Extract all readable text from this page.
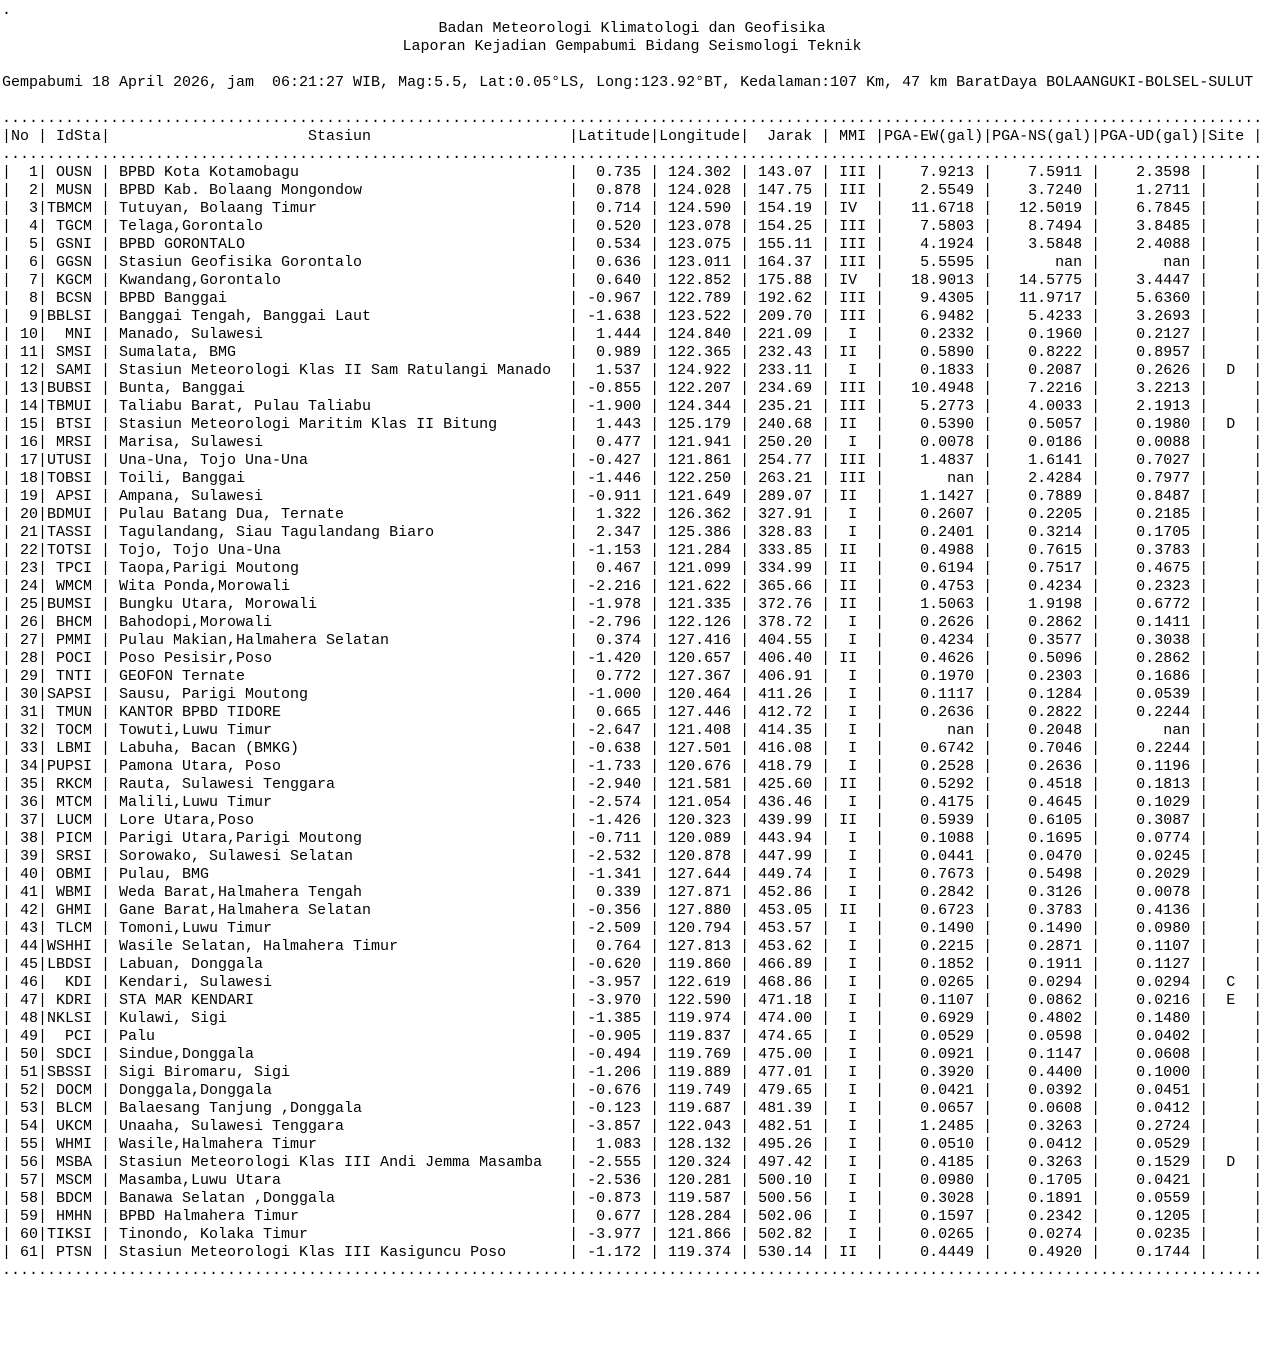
.
Badan Meteorologi Klimatologi dan Geofisika
Laporan Kejadian Gempabumi Bidang Seismologi Teknik
Gempabumi 18 April 2026, jam  06:21:27 WIB, Mag:5.5, Lat:0.05°LS, Long:123.92°BT, Kedalaman:107 Km, 47 km BaratDaya BOLAANGUKI-BOLSEL-SULUT
............................................................................................................................................
|No | IdSta|                      Stasiun                      |Latitude|Longitude|  Jarak | MMI |PGA-EW(gal)|PGA-NS(gal)|PGA-UD(gal)|Site |
............................................................................................................................................
|  1| OUSN | BPBD Kota Kotamobagu                              |  0.735 | 124.302 | 143.07 | III |    7.9213 |    7.5911 |    2.3598 |     |
|  2| MUSN | BPBD Kab. Bolaang Mongondow                       |  0.878 | 124.028 | 147.75 | III |    2.5549 |    3.7240 |    1.2711 |     |
|  3|TBMCM | Tutuyan, Bolaang Timur                            |  0.714 | 124.590 | 154.19 | IV  |   11.6718 |   12.5019 |    6.7845 |     |
|  4| TGCM | Telaga,Gorontalo                                  |  0.520 | 123.078 | 154.25 | III |    7.5803 |    8.7494 |    3.8485 |     |
|  5| GSNI | BPBD GORONTALO                                    |  0.534 | 123.075 | 155.11 | III |    4.1924 |    3.5848 |    2.4088 |     |
|  6| GGSN | Stasiun Geofisika Gorontalo                       |  0.636 | 123.011 | 164.37 | III |    5.5595 |       nan |       nan |     |
|  7| KGCM | Kwandang,Gorontalo                                |  0.640 | 122.852 | 175.88 | IV  |   18.9013 |   14.5775 |    3.4447 |     |
|  8| BCSN | BPBD Banggai                                      | -0.967 | 122.789 | 192.62 | III |    9.4305 |   11.9717 |    5.6360 |     |
|  9|BBLSI | Banggai Tengah, Banggai Laut                      | -1.638 | 123.522 | 209.70 | III |    6.9482 |    5.4233 |    3.2693 |     |
| 10|  MNI | Manado, Sulawesi                                  |  1.444 | 124.840 | 221.09 |  I  |    0.2332 |    0.1960 |    0.2127 |     |
| 11| SMSI | Sumalata, BMG                                     |  0.989 | 122.365 | 232.43 | II  |    0.5890 |    0.8222 |    0.8957 |     |
| 12| SAMI | Stasiun Meteorologi Klas II Sam Ratulangi Manado  |  1.537 | 124.922 | 233.11 |  I  |    0.1833 |    0.2087 |    0.2626 |  D  |
| 13|BUBSI | Bunta, Banggai                                    | -0.855 | 122.207 | 234.69 | III |   10.4948 |    7.2216 |    3.2213 |     |
| 14|TBMUI | Taliabu Barat, Pulau Taliabu                      | -1.900 | 124.344 | 235.21 | III |    5.2773 |    4.0033 |    2.1913 |     |
| 15| BTSI | Stasiun Meteorologi Maritim Klas II Bitung        |  1.443 | 125.179 | 240.68 | II  |    0.5390 |    0.5057 |    0.1980 |  D  |
| 16| MRSI | Marisa, Sulawesi                                  |  0.477 | 121.941 | 250.20 |  I  |    0.0078 |    0.0186 |    0.0088 |     |
| 17|UTUSI | Una-Una, Tojo Una-Una                             | -0.427 | 121.861 | 254.77 | III |    1.4837 |    1.6141 |    0.7027 |     |
| 18|TOBSI | Toili, Banggai                                    | -1.446 | 122.250 | 263.21 | III |       nan |    2.4284 |    0.7977 |     |
| 19| APSI | Ampana, Sulawesi                                  | -0.911 | 121.649 | 289.07 | II  |    1.1427 |    0.7889 |    0.8487 |     |
| 20|BDMUI | Pulau Batang Dua, Ternate                         |  1.322 | 126.362 | 327.91 |  I  |    0.2607 |    0.2205 |    0.2185 |     |
| 21|TASSI | Tagulandang, Siau Tagulandang Biaro               |  2.347 | 125.386 | 328.83 |  I  |    0.2401 |    0.3214 |    0.1705 |     |
| 22|TOTSI | Tojo, Tojo Una-Una                                | -1.153 | 121.284 | 333.85 | II  |    0.4988 |    0.7615 |    0.3783 |     |
| 23| TPCI | Taopa,Parigi Moutong                              |  0.467 | 121.099 | 334.99 | II  |    0.6194 |    0.7517 |    0.4675 |     |
| 24| WMCM | Wita Ponda,Morowali                               | -2.216 | 121.622 | 365.66 | II  |    0.4753 |    0.4234 |    0.2323 |     |
| 25|BUMSI | Bungku Utara, Morowali                            | -1.978 | 121.335 | 372.76 | II  |    1.5063 |    1.9198 |    0.6772 |     |
| 26| BHCM | Bahodopi,Morowali                                 | -2.796 | 122.126 | 378.72 |  I  |    0.2626 |    0.2862 |    0.1411 |     |
| 27| PMMI | Pulau Makian,Halmahera Selatan                    |  0.374 | 127.416 | 404.55 |  I  |    0.4234 |    0.3577 |    0.3038 |     |
| 28| POCI | Poso Pesisir,Poso                                 | -1.420 | 120.657 | 406.40 | II  |    0.4626 |    0.5096 |    0.2862 |     |
| 29| TNTI | GEOFON Ternate                                    |  0.772 | 127.367 | 406.91 |  I  |    0.1970 |    0.2303 |    0.1686 |     |
| 30|SAPSI | Sausu, Parigi Moutong                             | -1.000 | 120.464 | 411.26 |  I  |    0.1117 |    0.1284 |    0.0539 |     |
| 31| TMUN | KANTOR BPBD TIDORE                                |  0.665 | 127.446 | 412.72 |  I  |    0.2636 |    0.2822 |    0.2244 |     |
| 32| TOCM | Towuti,Luwu Timur                                 | -2.647 | 121.408 | 414.35 |  I  |       nan |    0.2048 |       nan |     |
| 33| LBMI | Labuha, Bacan (BMKG)                              | -0.638 | 127.501 | 416.08 |  I  |    0.6742 |    0.7046 |    0.2244 |     |
| 34|PUPSI | Pamona Utara, Poso                                | -1.733 | 120.676 | 418.79 |  I  |    0.2528 |    0.2636 |    0.1196 |     |
| 35| RKCM | Rauta, Sulawesi Tenggara                          | -2.940 | 121.581 | 425.60 | II  |    0.5292 |    0.4518 |    0.1813 |     |
| 36| MTCM | Malili,Luwu Timur                                 | -2.574 | 121.054 | 436.46 |  I  |    0.4175 |    0.4645 |    0.1029 |     |
| 37| LUCM | Lore Utara,Poso                                   | -1.426 | 120.323 | 439.99 | II  |    0.5939 |    0.6105 |    0.3087 |     |
| 38| PICM | Parigi Utara,Parigi Moutong                       | -0.711 | 120.089 | 443.94 |  I  |    0.1088 |    0.1695 |    0.0774 |     |
| 39| SRSI | Sorowako, Sulawesi Selatan                        | -2.532 | 120.878 | 447.99 |  I  |    0.0441 |    0.0470 |    0.0245 |     |
| 40| OBMI | Pulau, BMG                                        | -1.341 | 127.644 | 449.74 |  I  |    0.7673 |    0.5498 |    0.2029 |     |
| 41| WBMI | Weda Barat,Halmahera Tengah                       |  0.339 | 127.871 | 452.86 |  I  |    0.2842 |    0.3126 |    0.0078 |     |
| 42| GHMI | Gane Barat,Halmahera Selatan                      | -0.356 | 127.880 | 453.05 | II  |    0.6723 |    0.3783 |    0.4136 |     |
| 43| TLCM | Tomoni,Luwu Timur                                 | -2.509 | 120.794 | 453.57 |  I  |    0.1490 |    0.1490 |    0.0980 |     |
| 44|WSHHI | Wasile Selatan, Halmahera Timur                   |  0.764 | 127.813 | 453.62 |  I  |    0.2215 |    0.2871 |    0.1107 |     |
| 45|LBDSI | Labuan, Donggala                                  | -0.620 | 119.860 | 466.89 |  I  |    0.1852 |    0.1911 |    0.1127 |     |
| 46|  KDI | Kendari, Sulawesi                                 | -3.957 | 122.619 | 468.86 |  I  |    0.0265 |    0.0294 |    0.0294 |  C  |
| 47| KDRI | STA MAR KENDARI                                   | -3.970 | 122.590 | 471.18 |  I  |    0.1107 |    0.0862 |    0.0216 |  E  |
| 48|NKLSI | Kulawi, Sigi                                      | -1.385 | 119.974 | 474.00 |  I  |    0.6929 |    0.4802 |    0.1480 |     |
| 49|  PCI | Palu                                              | -0.905 | 119.837 | 474.65 |  I  |    0.0529 |    0.0598 |    0.0402 |     |
| 50| SDCI | Sindue,Donggala                                   | -0.494 | 119.769 | 475.00 |  I  |    0.0921 |    0.1147 |    0.0608 |     |
| 51|SBSSI | Sigi Biromaru, Sigi                               | -1.206 | 119.889 | 477.01 |  I  |    0.3920 |    0.4400 |    0.1000 |     |
| 52| DOCM | Donggala,Donggala                                 | -0.676 | 119.749 | 479.65 |  I  |    0.0421 |    0.0392 |    0.0451 |     |
| 53| BLCM | Balaesang Tanjung ,Donggala                       | -0.123 | 119.687 | 481.39 |  I  |    0.0657 |    0.0608 |    0.0412 |     |
| 54| UKCM | Unaaha, Sulawesi Tenggara                         | -3.857 | 122.043 | 482.51 |  I  |    1.2485 |    0.3263 |    0.2724 |     |
| 55| WHMI | Wasile,Halmahera Timur                            |  1.083 | 128.132 | 495.26 |  I  |    0.0510 |    0.0412 |    0.0529 |     |
| 56| MSBA | Stasiun Meteorologi Klas III Andi Jemma Masamba   | -2.555 | 120.324 | 497.42 |  I  |    0.4185 |    0.3263 |    0.1529 |  D  |
| 57| MSCM | Masamba,Luwu Utara                                | -2.536 | 120.281 | 500.10 |  I  |    0.0980 |    0.1705 |    0.0421 |     |
| 58| BDCM | Banawa Selatan ,Donggala                          | -0.873 | 119.587 | 500.56 |  I  |    0.3028 |    0.1891 |    0.0559 |     |
| 59| HMHN | BPBD Halmahera Timur                              |  0.677 | 128.284 | 502.06 |  I  |    0.1597 |    0.2342 |    0.1205 |     |
| 60|TIKSI | Tinondo, Kolaka Timur                             | -3.977 | 121.866 | 502.82 |  I  |    0.0265 |    0.0274 |    0.0235 |     |
| 61| PTSN | Stasiun Meteorologi Klas III Kasiguncu Poso       | -1.172 | 119.374 | 530.14 | II  |    0.4449 |    0.4920 |    0.1744 |     |
............................................................................................................................................
